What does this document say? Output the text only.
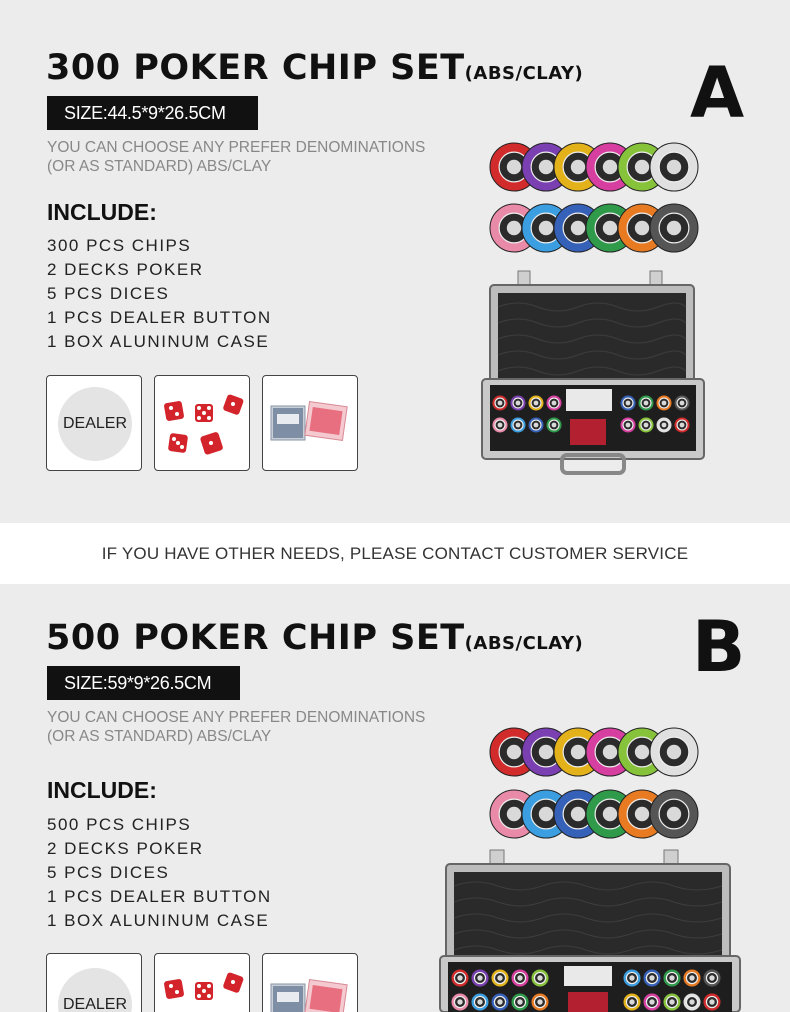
300 POKER CHIP SET(ABS/CLAY) A
SIZE:44.5*9*26.5CM
YOU CAN CHOOSE ANY PREFER DENOMINATIONS
(OR AS STANDARD) ABS/CLAY
INCLUDE:
300 PCS CHIPS
2 DECKS POKER
5 PCS DICES
1 PCS DEALER BUTTON
1 BOX ALUNINUM CASE
DEALER
IF YOU HAVE OTHER NEEDS, PLEASE CONTACT CUSTOMER SERVICE
500 POKER CHIP SET(ABS/CLAY) B
SIZE:59*9*26.5CM
YOU CAN CHOOSE ANY PREFER DENOMINATIONS
(OR AS STANDARD) ABS/CLAY
INCLUDE:
500 PCS CHIPS
2 DECKS POKER
5 PCS DICES
1 PCS DEALER BUTTON
1 BOX ALUNINUM CASE
DEALER
